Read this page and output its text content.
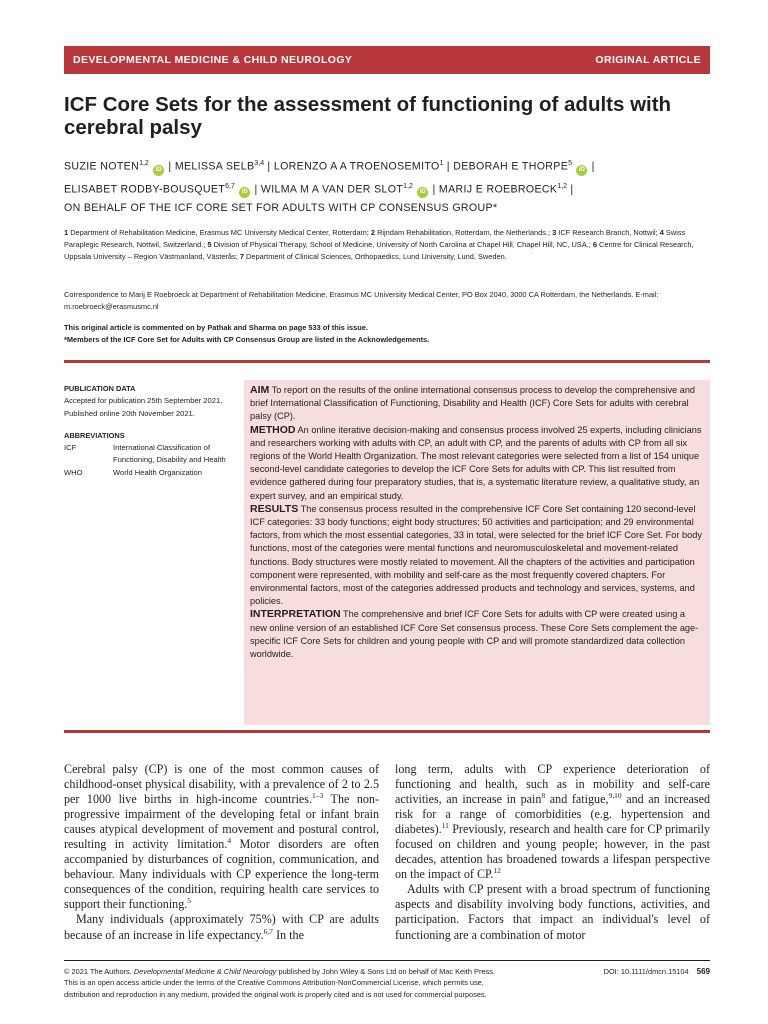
DEVELOPMENTAL MEDICINE & CHILD NEUROLOGY	ORIGINAL ARTICLE
ICF Core Sets for the assessment of functioning of adults with cerebral palsy
SUZIE NOTEN$^{1,2}$ iD | MELISSA SELB$^{3,4}$ | LORENZO A A TROENOSEMITO$^1$ | DEBORAH E THORPE$^5$ iD |
ELISABET RODBY-BOUSQUET$^{6,7}$ iD | WILMA M A VAN DER SLOT$^{1,2}$ iD | MARIJ E ROEBROECK$^{1,2}$ |
ON BEHALF OF THE ICF CORE SET FOR ADULTS WITH CP CONSENSUS GROUP*
1 Department of Rehabilitation Medicine, Erasmus MC University Medical Center, Rotterdam; 2 Rijndam Rehabilitation, Rotterdam, the Netherlands.; 3 ICF Research Branch, Nottwil; 4 Swiss Paraplegic Research, Nottwil, Switzerland.; 5 Division of Physical Therapy, School of Medicine, University of North Carolina at Chapel Hill, Chapel Hill, NC, USA.; 6 Centre for Clinical Research, Uppsala University – Region Västmanland, Västerås; 7 Department of Clinical Sciences, Orthopaedics, Lund University, Lund, Sweden.
Correspondence to Marij E Roebroeck at Department of Rehabilitation Medicine, Erasmus MC University Medical Center, PO Box 2040, 3000 CA Rotterdam, the Netherlands. E-mail: m.roebroeck@erasmusmc.nl
This original article is commented on by Pathak and Sharma on page 533 of this issue.
*Members of the ICF Core Set for Adults with CP Consensus Group are listed in the Acknowledgements.
PUBLICATION DATA

Accepted for publication 25th September 2021.
Published online 20th November 2021.

ABBREVIATIONS
ICF	International Classification of Functioning, Disability and Health
WHO	World Health Organization

AIM To report on the results of the online international consensus process to develop the comprehensive and brief International Classification of Functioning, Disability and Health (ICF) Core Sets for adults with cerebral palsy (CP).

METHOD An online iterative decision-making and consensus process involved 25 experts, including clinicians and researchers working with adults with CP, an adult with CP, and the parents of adults with CP from all six regions of the World Health Organization. The most relevant categories were selected from a list of 154 unique second-level candidate categories to develop the ICF Core Sets for adults with CP. This list resulted from evidence gathered during four preparatory studies, that is, a systematic literature review, a qualitative study, an expert survey, and an empirical study.

RESULTS The consensus process resulted in the comprehensive ICF Core Set containing 120 second-level ICF categories: 33 body functions; eight body structures; 50 activities and participation; and 29 environmental factors, from which the most essential categories, 33 in total, were selected for the brief ICF Core Set. For body functions, most of the categories were mental functions and neuromusculoskeletal and movement-related functions. Body structures were mostly related to movement. All the chapters of the activities and participation component were represented, with mobility and self-care as the most frequently covered chapters. For environmental factors, most of the categories addressed products and technology and services, systems, and policies.

INTERPRETATION The comprehensive and brief ICF Core Sets for adults with CP were created using a new online version of an established ICF Core Set consensus process. These Core Sets complement the age-specific ICF Core Sets for children and young people with CP and will promote standardized data collection worldwide.

Cerebral palsy (CP) is one of the most common causes of childhood-onset physical disability, with a prevalence of 2 to 2.5 per 1000 live births in high-income countries.$^{1-3}$ The non-progressive impairment of the developing fetal or infant brain causes atypical development of movement and postural control, resulting in activity limitation.$^4$ Motor disorders are often accompanied by disturbances of cognition, communication, and behaviour. Many individuals with CP experience the long-term consequences of the condition, requiring health care services to support their functioning.$^5$

Many individuals (approximately 75%) with CP are adults because of an increase in life expectancy.$^{6,7}$ In the

long term, adults with CP experience deterioration of functioning and health, such as in mobility and self-care activities, an increase in pain$^8$ and fatigue,$^{9,10}$ and an increased risk for a range of comorbidities (e.g. hypertension and diabetes).$^{11}$ Previously, research and health care for CP primarily focused on children and young people; however, in the past decades, attention has broadened towards a lifespan perspective on the impact of CP.$^{12}$

Adults with CP present with a broad spectrum of functioning aspects and disability involving body functions, activities, and participation. Factors that impact an individual's level of functioning are a combination of motor

© 2021 The Authors. Developmental Medicine & Child Neurology published by John Wiley & Sons Ltd on behalf of Mac Keith Press.	DOI: 10.1111/dmcn.15104 569
This is an open access article under the terms of the Creative Commons Attribution-NonCommercial License, which permits use,
distribution and reproduction in any medium, provided the original work is properly cited and is not used for commercial purposes.
